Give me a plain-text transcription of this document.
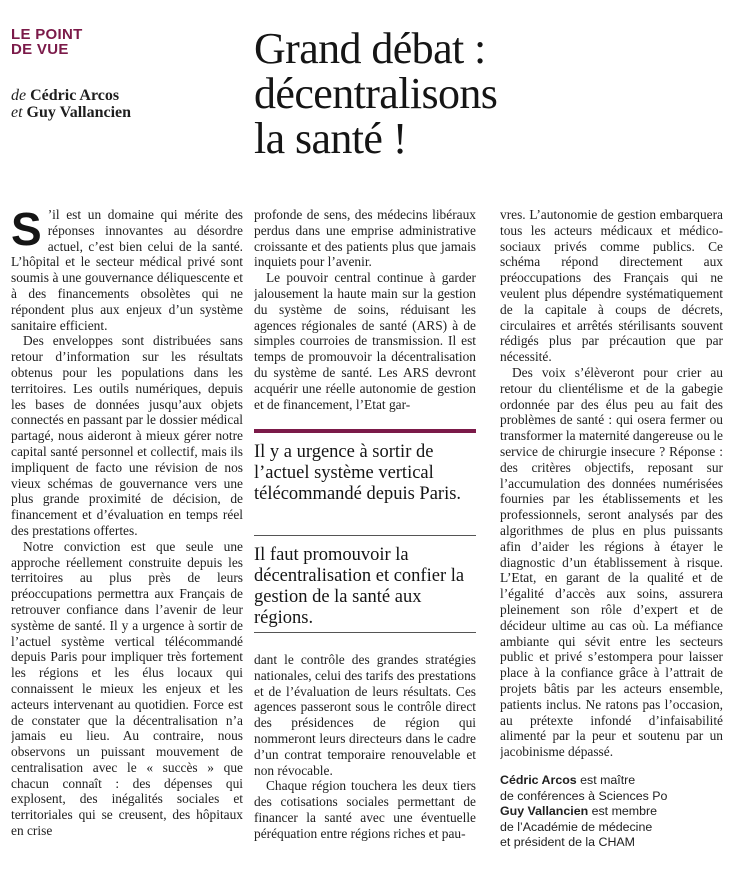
LE POINT
DE VUE
de Cédric Arcos
et Guy Vallancien
Grand débat :
décentralisons
la santé !

S ’il est un domaine qui mérite des réponses innovantes au désordre actuel, c’est bien celui de la santé. L’hôpital et le secteur médical privé sont soumis à une gouvernance déliquescente et à des financements obsolètes qui ne répondent plus aux enjeux d’un système sanitaire efficient.

Des enveloppes sont distribuées sans retour d’information sur les résultats obtenus pour les populations dans les territoires. Les outils numériques, depuis les bases de données jusqu’aux objets connectés en passant par le dossier médical partagé, nous aideront à mieux gérer notre capital santé personnel et collectif, mais ils impliquent de facto une révision de nos vieux schémas de gouvernance vers une plus grande proximité de décision, de financement et d’évaluation en temps réel des prestations offertes.

Notre conviction est que seule une approche réellement construite depuis les territoires au plus près de leurs préoccupations permettra aux Français de retrouver confiance dans l’avenir de leur système de santé. Il y a urgence à sortir de l’actuel système vertical télécommandé depuis Paris pour impliquer très fortement les régions et les élus locaux qui connaissent le mieux les enjeux et les acteurs intervenant au quotidien. Force est de constater que la décentralisation n’a jamais eu lieu. Au contraire, nous observons un puissant mouvement de centralisation avec le « succès » que chacun connaît : des dépenses qui explosent, des inégalités sociales et territoriales qui se creusent, des hôpitaux en crise

profonde de sens, des médecins libéraux perdus dans une emprise administrative croissante et des patients plus que jamais inquiets pour l’avenir.

Le pouvoir central continue à garder jalousement la haute main sur la gestion du système de soins, réduisant les agences régionales de santé (ARS) à de simples courroies de transmission. Il est temps de promouvoir la décentralisation du système de santé. Les ARS devront acquérir une réelle autonomie de gestion et de financement, l’Etat gar-

Il y a urgence à sortir de l’actuel système vertical télécommandé depuis Paris.

Il faut promouvoir la décentralisation et confier la gestion de la santé aux régions.

dant le contrôle des grandes stratégies nationales, celui des tarifs des prestations et de l’évaluation de leurs résultats. Ces agences passeront sous le contrôle direct des présidences de région qui nommeront leurs directeurs dans le cadre d’un contrat temporaire renouvelable et non révocable.

Chaque région touchera les deux tiers des cotisations sociales permettant de financer la santé avec une éventuelle péréquation entre régions riches et pau-

vres. L’autonomie de gestion embarquera tous les acteurs médicaux et médico-sociaux privés comme publics. Ce schéma répond directement aux préoccupations des Français qui ne veulent plus dépendre systématiquement de la capitale à coups de décrets, circulaires et arrêtés stérilisants souvent rédigés plus par précaution que par nécessité.

Des voix s’élèveront pour crier au retour du clientélisme et de la gabegie ordonnée par des élus peu au fait des problèmes de santé : qui osera fermer ou transformer la maternité dangereuse ou le service de chirurgie insecure ? Réponse : des critères objectifs, reposant sur l’accumulation des données numérisées fournies par les établissements et les professionnels, seront analysés par des algorithmes de plus en plus puissants afin d’aider les régions à étayer le diagnostic d’un établissement à risque. L’Etat, en garant de la qualité et de l’égalité d’accès aux soins, assurera pleinement son rôle d’expert et de décideur ultime au cas où. La méfiance ambiante qui sévit entre les secteurs public et privé s’estompera pour laisser place à la confiance grâce à l’attrait de projets bâtis par les acteurs ensemble, patients inclus. Ne ratons pas l’occasion, au prétexte infondé d’infaisabilité alimenté par la peur et soutenu par un jacobinisme dépassé.

Cédric Arcos est maître
de conférences à Sciences Po
Guy Vallancien est membre
de l’Académie de médecine
et président de la CHAM
